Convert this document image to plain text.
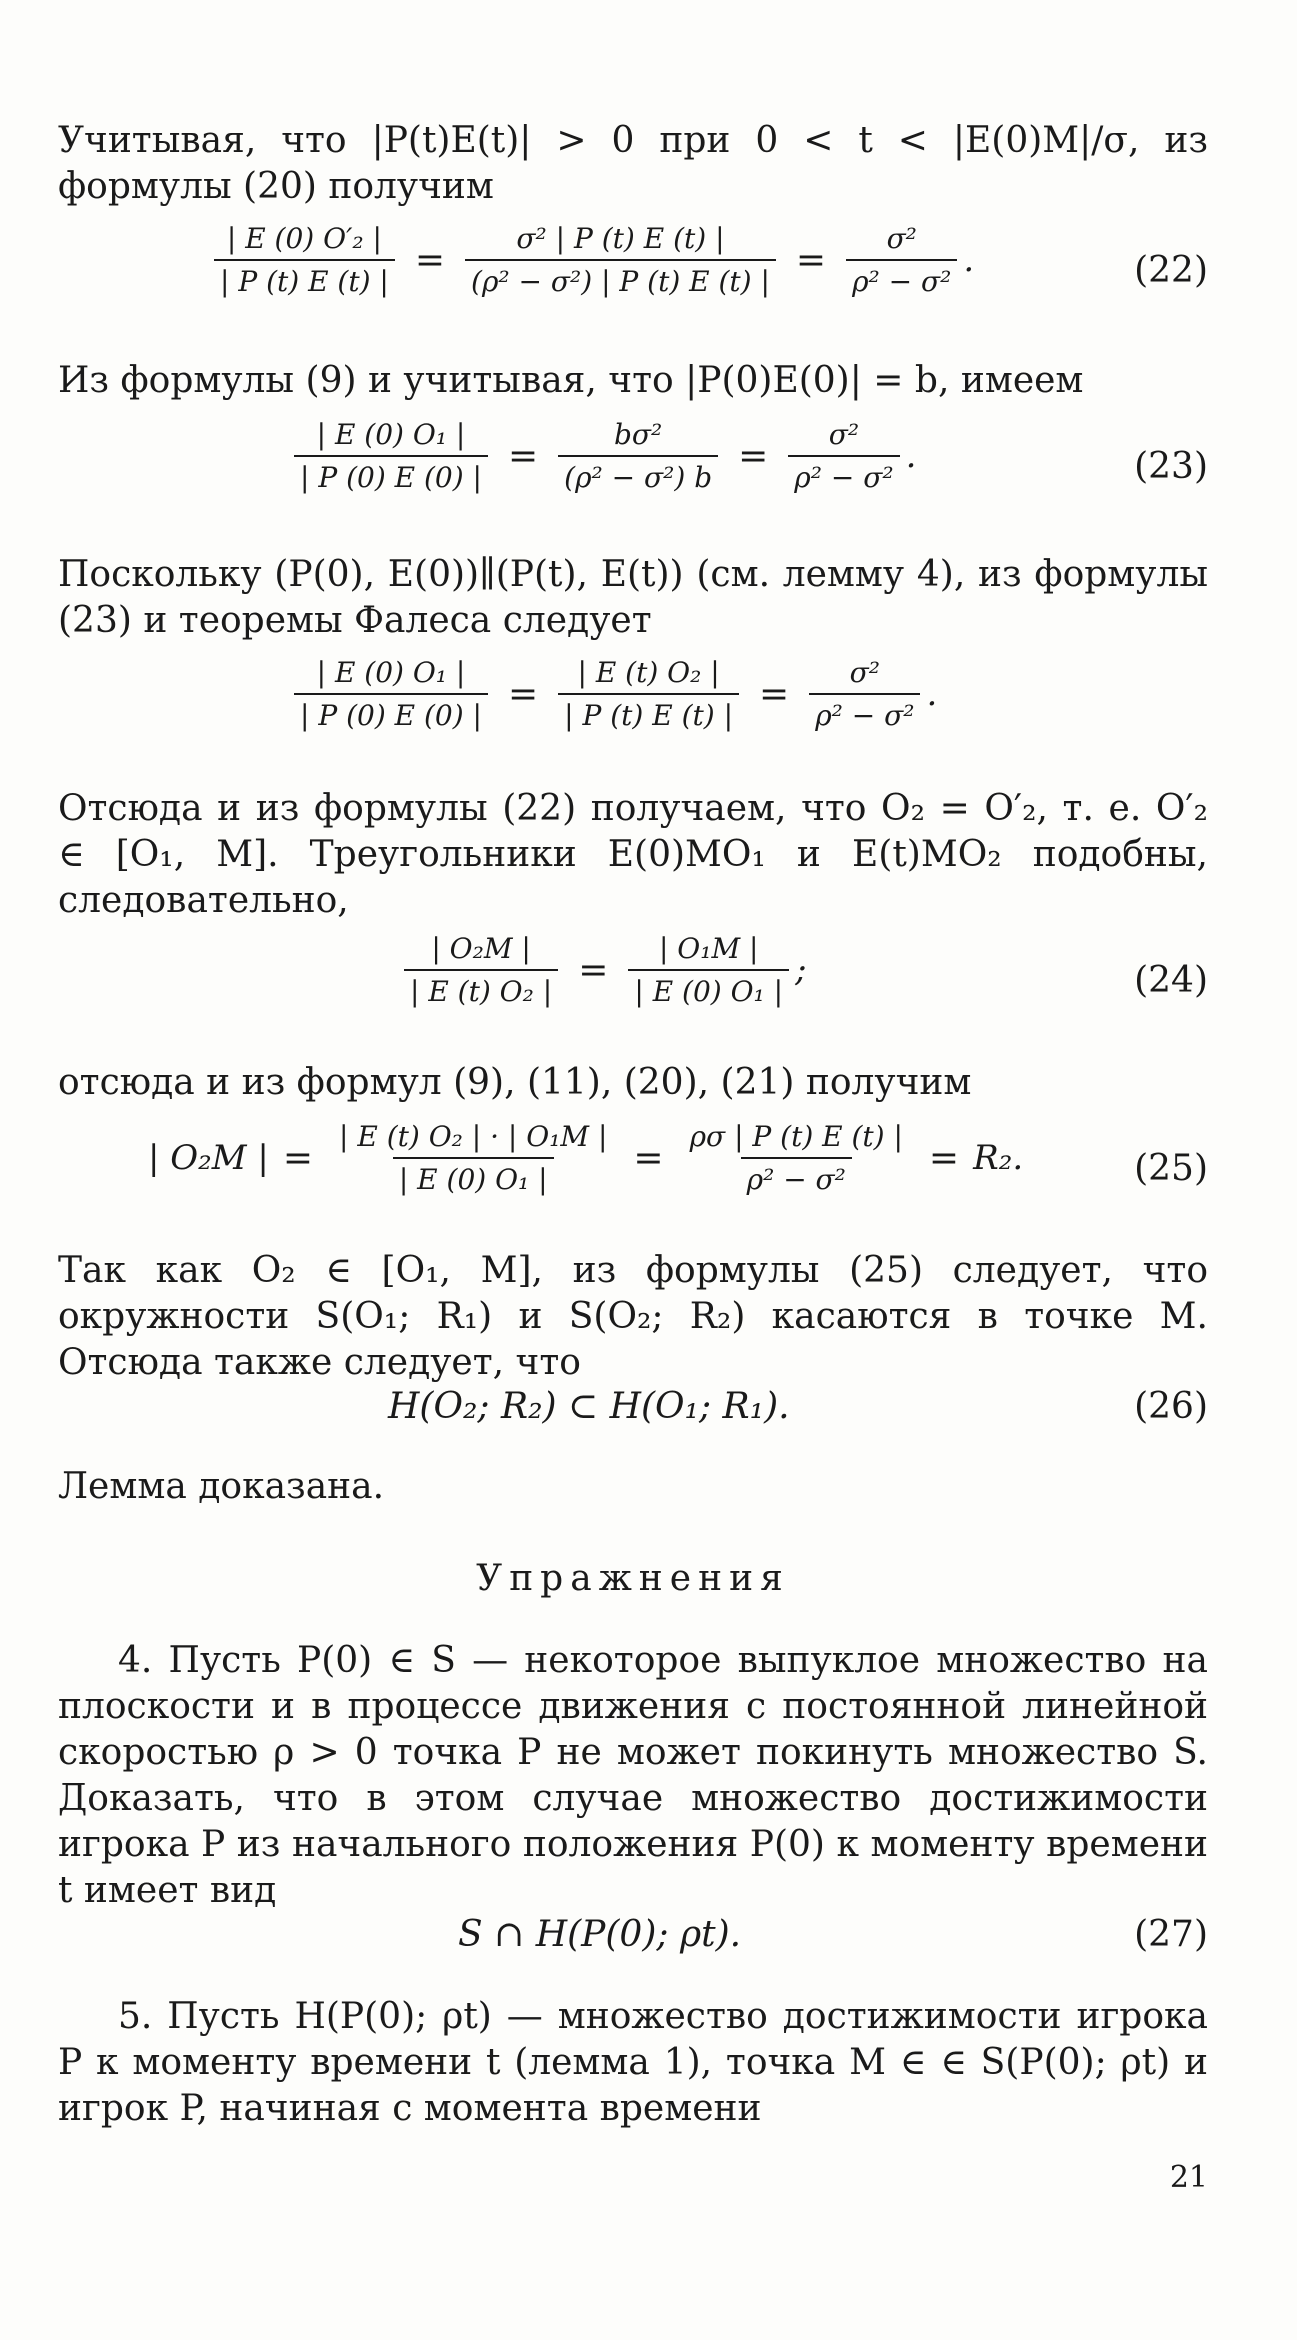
Учитывая, что |P(t)E(t)| > 0 при 0 < t < |E(0)M|/σ, из формулы (20) получим

$\frac{\text{| E (0) O′₂ |}}{| P (t) E (t) |} = \frac{\text{σ² | P (t) E (t) |}}{\text{(ρ² − σ²) | P (t) E (t) |}} = \frac{\text{σ²}}{\text{ρ² − σ²}}$ .	(22)

Из формулы (9) и учитывая, что |P(0)E(0)| = b, имеем

$\frac{\text{| E (0) O₁ |}}{| P (0) E (0) |} = \frac{\text{bσ²}}{\text{(ρ² − σ²) b}} = \frac{\text{σ²}}{\text{ρ² − σ²}}$ .	(23)

Поскольку (P(0), E(0))∥(P(t), E(t)) (см. лемму 4), из формулы (23) и теоремы Фалеса следует

$\frac{\text{| E (0) O₁ |}}{| P (0) E (0) |} = \frac{\text{| E (t) O₂ |}}{| P (t) E (t) |} = \frac{\text{σ²}}{\text{ρ² − σ²}}$ .

Отсюда и из формулы (22) получаем, что O₂ = O′₂, т. е. O′₂ ∈ [O₁, M]. Треугольники E(0)MO₁ и E(t)MO₂ подобны, следовательно,

$\frac{\text{| O₂M |}}{\text{| E (t) O₂ |}} = \frac{\text{| O₁M |}}{\text{| E (0) O₁ |}}$ ;	(24)

отсюда и из формул (9), (11), (20), (21) получим

| O₂M | = $\frac{\text{| E (t) O₂ | · | O₁M |}}{\text{| E (0) O₁ |}} = \frac{\rho\sigma | P (t) E (t) |}{\text{ρ² − σ²}} = R_2$.	(25)

Так как O₂ ∈ [O₁, M], из формулы (25) следует, что окружности S(O₁; R₁) и S(O₂; R₂) касаются в точке M. Отсюда также следует, что

H(O₂; R₂) ⊂ H(O₁; R₁).	(26)

Лемма доказана.

Упражнения

4. Пусть P(0) ∈ S — некоторое выпуклое множество на плоскости и в процессе движения с постоянной линейной скоростью ρ > 0 точка P не может покинуть множество S. Доказать, что в этом случае множество достижимости игрока P из начального положения P(0) к моменту времени t имеет вид

S ∩ H(P(0); ρt).	(27)

5. Пусть H(P(0); ρt) — множество достижимости игрока P к моменту времени t (лемма 1), точка M ∈ ∈ S(P(0); ρt) и игрок P, начиная с момента времени

21
